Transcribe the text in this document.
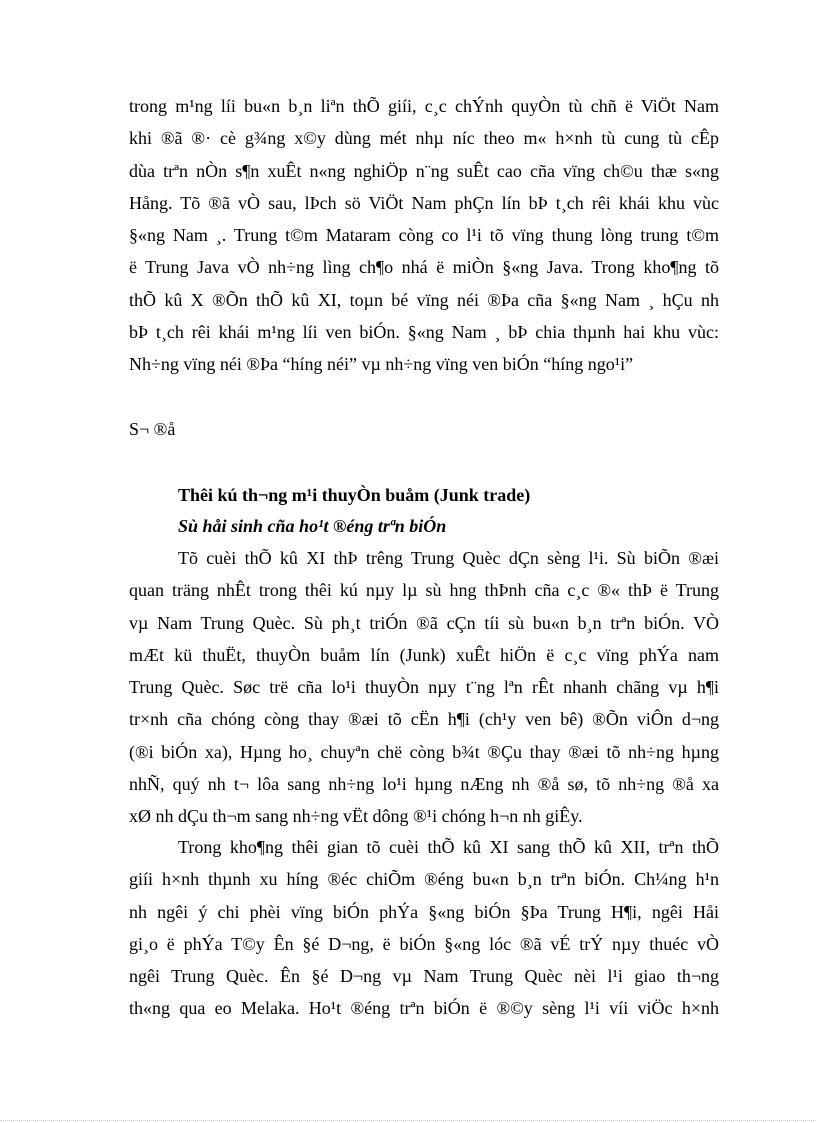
trong m¹ng líi bu«n b¸n liªn thÕ giíi, c¸c chÝnh quyÒn tù chñ ë ViÖt Nam
khi ®ã ®· cè g¾ng x©y dùng mét nhµ níc theo m« h×nh tù cung tù cÊp
dùa trªn nÒn s¶n xuÊt n«ng nghiÖp n¨ng suÊt cao cña vïng ch©u thæ s«ng
Hång. Tõ ®ã vÒ sau, lÞch sö ViÖt Nam phÇn lín bÞ t¸ch rêi khái khu vùc
§«ng Nam ¸. Trung t©m Mataram còng co l¹i tõ vïng thung lòng trung t©m
ë Trung Java vÒ nh÷ng lìng ch¶o nhá ë miÒn §«ng Java. Trong kho¶ng tõ
thÕ kû X ®Õn thÕ kû XI, toµn bé vïng néi ®Þa cña §«ng Nam ¸ hÇu nh
bÞ t¸ch rêi khái m¹ng líi ven biÓn. §«ng Nam ¸ bÞ chia thµnh hai khu vùc:
Nh÷ng vïng néi ®Þa “híng néi” vµ nh÷ng vïng ven biÓn “híng ngo¹i”

S¬ ®å

Thêi kú th¬ng m¹i thuyÒn buåm (Junk trade)

Sù håi sinh cña ho¹t ®éng trªn biÓn

Tõ cuèi thÕ kû XI thÞ trêng Trung Quèc dÇn sèng l¹i. Sù biÕn ®æi
quan träng nhÊt trong thêi kú nµy lµ sù hng thÞnh cña c¸c ®« thÞ ë Trung
vµ Nam Trung Quèc. Sù ph¸t triÓn ®ã cÇn tíi sù bu«n b¸n trªn biÓn. VÒ
mÆt kü thuËt, thuyÒn buåm lín (Junk) xuÊt hiÖn ë c¸c vïng phÝa nam
Trung Quèc. Søc trë cña lo¹i thuyÒn nµy t¨ng lªn rÊt nhanh chãng vµ h¶i
tr×nh cña chóng còng thay ®æi tõ cËn h¶i (ch¹y ven bê) ®Õn viÔn d¬ng
(®i biÓn xa), Hµng ho¸ chuyªn chë còng b¾t ®Çu thay ®æi tõ nh÷ng hµng
nhÑ, quý nh t¬ lôa sang nh÷ng lo¹i hµng nÆng nh ®å sø, tõ nh÷ng ®å xa
xØ nh dÇu th¬m sang nh÷ng vËt dông ®¹i chóng h¬n nh giÊy.
Trong kho¶ng thêi gian tõ cuèi thÕ kû XI sang thÕ kû XII, trªn thÕ
giíi h×nh thµnh xu híng ®éc chiÕm ®éng bu«n b¸n trªn biÓn. Ch¼ng h¹n
nh ngêi ý chi phèi vïng biÓn phÝa §«ng biÓn §Þa Trung H¶i, ngêi Håi
gi¸o ë phÝa T©y Ên §é D¬ng, ë biÓn §«ng lóc ®ã vÉ trÝ nµy thuéc vÒ
ngêi Trung Quèc. Ên §é D¬ng vµ Nam Trung Quèc nèi l¹i giao th¬ng
th«ng qua eo Melaka. Ho¹t ®éng trªn biÓn ë ®©y sèng l¹i víi viÖc h×nh
